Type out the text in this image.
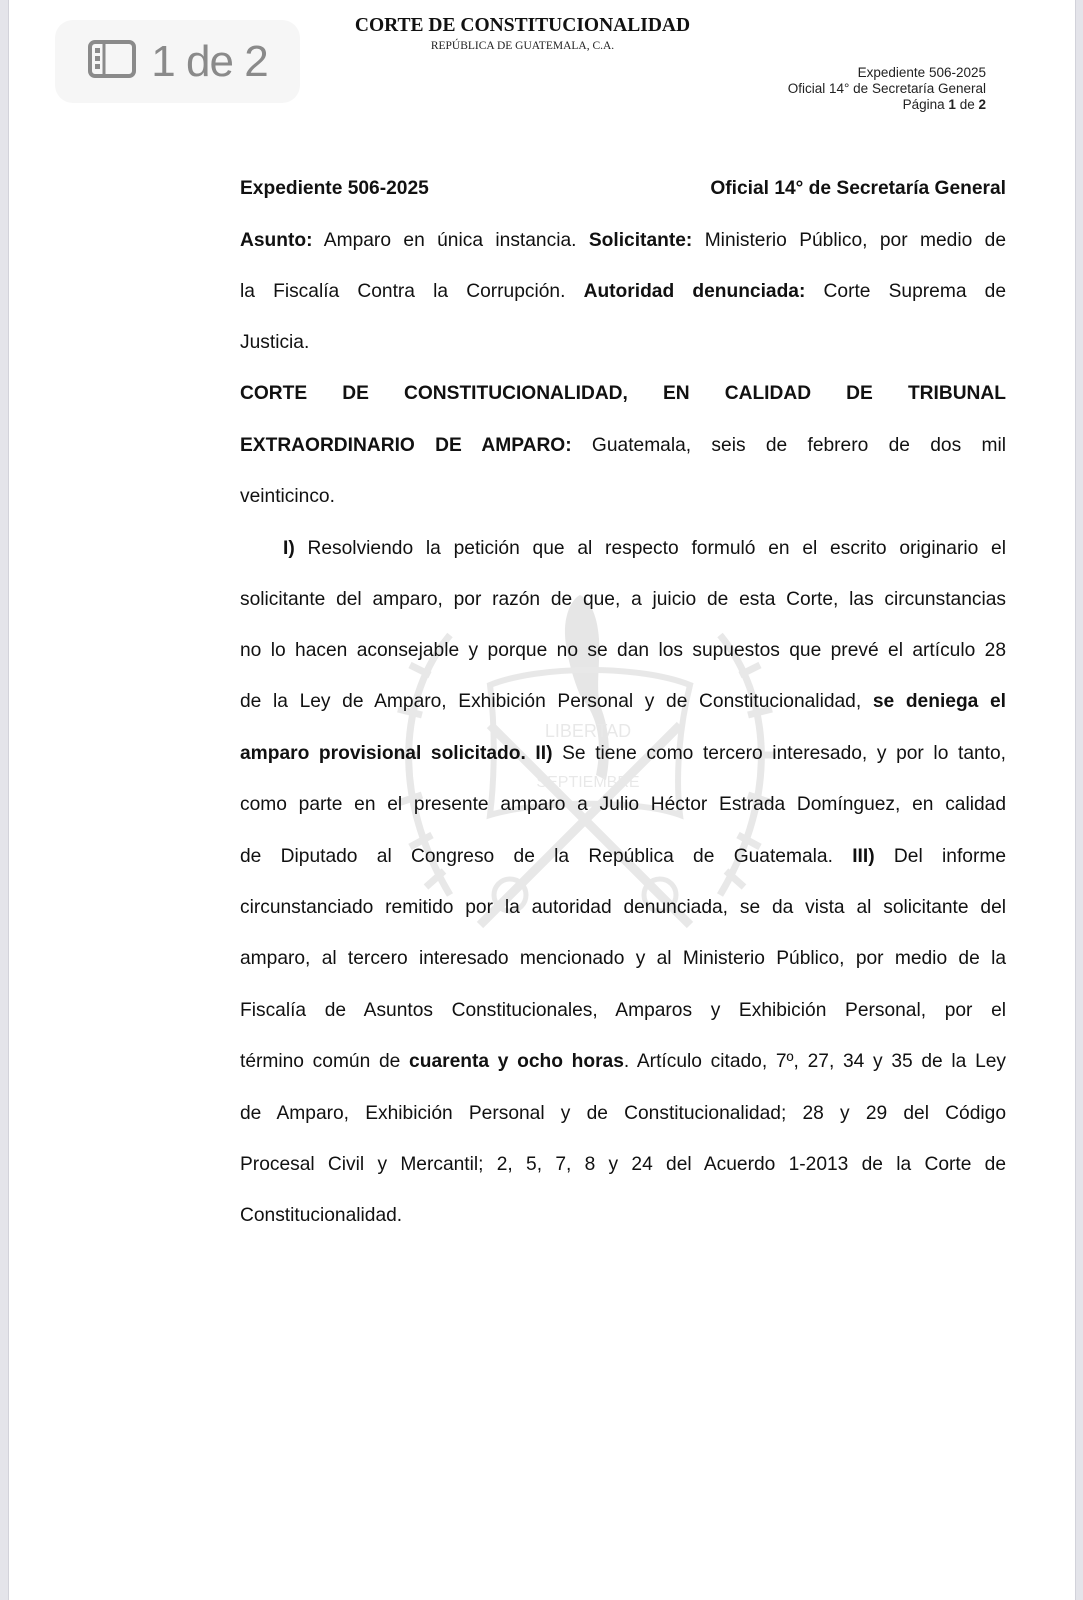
1 de 2
CORTE DE CONSTITUCIONALIDAD
REPÚBLICA DE GUATEMALA, C.A.
Expediente 506-2025
Oficial 14° de Secretaría General
Página 1 de 2
LIBERTAD
SEPTIEMBRE
Expediente 506-2025	Oficial 14° de Secretaría General
Asunto: Amparo en única instancia. Solicitante: Ministerio Público, por medio de
la Fiscalía Contra la Corrupción. Autoridad denunciada: Corte Suprema de
Justicia.
CORTE DE CONSTITUCIONALIDAD, EN CALIDAD DE TRIBUNAL
EXTRAORDINARIO DE AMPARO: Guatemala, seis de febrero de dos mil
veinticinco.
I) Resolviendo la petición que al respecto formuló en el escrito originario el
solicitante del amparo, por razón de que, a juicio de esta Corte, las circunstancias
no lo hacen aconsejable y porque no se dan los supuestos que prevé el artículo 28
de la Ley de Amparo, Exhibición Personal y de Constitucionalidad, se deniega el
amparo provisional solicitado. II) Se tiene como tercero interesado, y por lo tanto,
como parte en el presente amparo a Julio Héctor Estrada Domínguez, en calidad
de Diputado al Congreso de la República de Guatemala. III) Del informe
circunstanciado remitido por la autoridad denunciada, se da vista al solicitante del
amparo, al tercero interesado mencionado y al Ministerio Público, por medio de la
Fiscalía de Asuntos Constitucionales, Amparos y Exhibición Personal, por el
término común de cuarenta y ocho horas. Artículo citado, 7º, 27, 34 y 35 de la Ley
de Amparo, Exhibición Personal y de Constitucionalidad; 28 y 29 del Código
Procesal Civil y Mercantil; 2, 5, 7, 8 y 24 del Acuerdo 1-2013 de la Corte de
Constitucionalidad.
